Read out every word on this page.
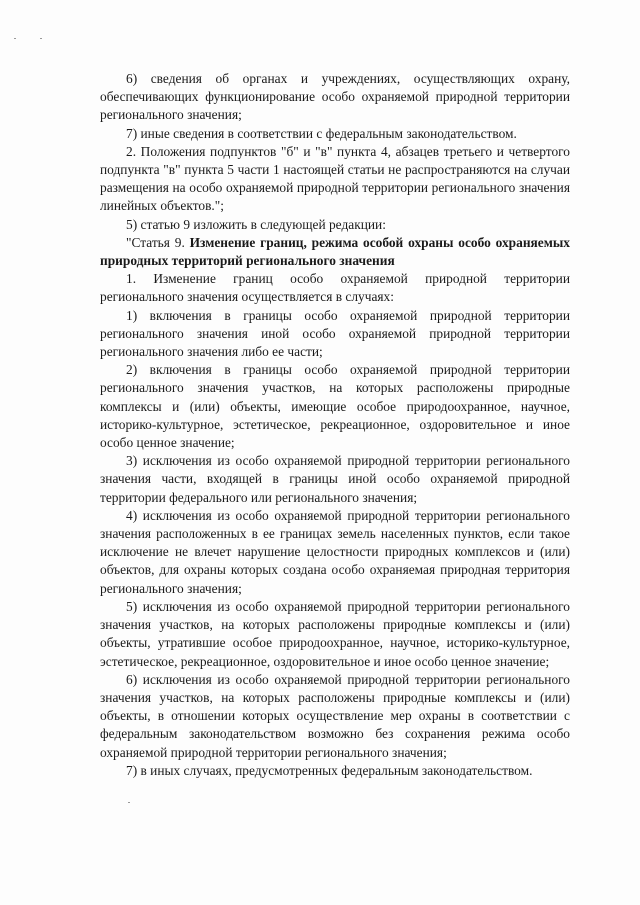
6) сведения об органах и учреждениях, осуществляющих охрану, обеспечивающих функционирование особо охраняемой природной территории регионального значения;

7) иные сведения в соответствии с федеральным законодательством.

2. Положения подпунктов "б" и "в" пункта 4, абзацев третьего и четвертого подпункта "в" пункта 5 части 1 настоящей статьи не распространяются на случаи размещения на особо охраняемой природной территории регионального значения линейных объектов.";

5) статью 9 изложить в следующей редакции:

"Статья 9. Изменение границ, режима особой охраны особо охраняемых природных территорий регионального значения

1. Изменение границ особо охраняемой природной территории регионального значения осуществляется в случаях:

1) включения в границы особо охраняемой природной территории регионального значения иной особо охраняемой природной территории регионального значения либо ее части;

2) включения в границы особо охраняемой природной территории регионального значения участков, на которых расположены природные комплексы и (или) объекты, имеющие особое природоохранное, научное, историко-культурное, эстетическое, рекреационное, оздоровительное и иное особо ценное значение;

3) исключения из особо охраняемой природной территории регионального значения части, входящей в границы иной особо охраняемой природной территории федерального или регионального значения;

4) исключения из особо охраняемой природной территории регионального значения расположенных в ее границах земель населенных пунктов, если такое исключение не влечет нарушение целостности природных комплексов и (или) объектов, для охраны которых создана особо охраняемая природная территория регионального значения;

5) исключения из особо охраняемой природной территории регионального значения участков, на которых расположены природные комплексы и (или) объекты, утратившие особое природоохранное, научное, историко-культурное, эстетическое, рекреационное, оздоровительное и иное особо ценное значение;

6) исключения из особо охраняемой природной территории регионального значения участков, на которых расположены природные комплексы и (или) объекты, в отношении которых осуществление мер охраны в соответствии с федеральным законодательством возможно без сохранения режима особо охраняемой природной территории регионального значения;

7) в иных случаях, предусмотренных федеральным законодательством.
